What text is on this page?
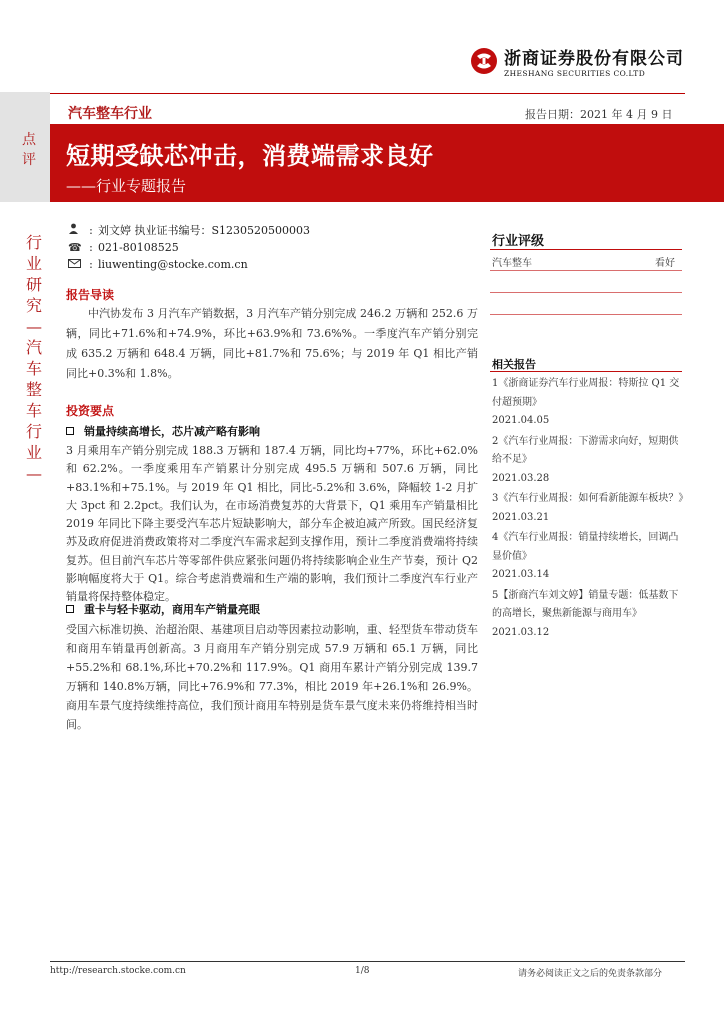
浙商证券股份有限公司
ZHESHANG SECURITIES CO.LTD
汽车整车行业	报告日期：2021 年 4 月 9 日
点评 短期受缺芯冲击，消费端需求良好
——行业专题报告
行业研究—汽车整车行业—
: 刘文婷 执业证书编号：S1230520500003
☎ : 021-80108525
: liuwenting@stocke.com.cn
报告导读
中汽协发布 3 月汽车产销数据，3 月汽车产销分别完成 246.2 万辆和 252.6 万辆，同比+71.6%和+74.9%，环比+63.9%和 73.6%%。一季度汽车产销分别完成 635.2 万辆和 648.4 万辆，同比+81.7%和 75.6%；与 2019 年 Q1 相比产销同比+0.3%和 1.8%。
投资要点
销量持续高增长，芯片减产略有影响
3 月乘用车产销分别完成 188.3 万辆和 187.4 万辆，同比均+77%，环比+62.0%和 62.2%。一季度乘用车产销累计分别完成 495.5 万辆和 507.6 万辆，同比+83.1%和+75.1%。与 2019 年 Q1 相比，同比-5.2%和 3.6%，降幅较 1-2 月扩大 3pct 和 2.2pct。我们认为，在市场消费复苏的大背景下，Q1 乘用车产销量相比 2019 年同比下降主要受汽车芯片短缺影响大，部分车企被迫减产所致。国民经济复苏及政府促进消费政策将对二季度汽车需求起到支撑作用，预计二季度消费端将持续复苏。但目前汽车芯片等零部件供应紧张问题仍将持续影响企业生产节奏，预计 Q2 影响幅度将大于 Q1。综合考虑消费端和生产端的影响，我们预计二季度汽车行业产销量将保持整体稳定。
重卡与轻卡驱动，商用车产销量亮眼
受国六标准切换、治超治限、基建项目启动等因素拉动影响，重、轻型货车带动货车和商用车销量再创新高。3 月商用车产销分别完成 57.9 万辆和 65.1 万辆，同比+55.2%和 68.1%,环比+70.2%和 117.9%。Q1 商用车累计产销分别完成 139.7 万辆和 140.8%万辆，同比+76.9%和 77.3%，相比 2019 年+26.1%和 26.9%。商用车景气度持续维持高位，我们预计商用车特别是货车景气度未来仍将维持相当时间。
行业评级
汽车整车	看好
相关报告
1《浙商证券汽车行业周报：特斯拉 Q1 交付超预期》
2021.04.05
2《汽车行业周报：下游需求向好，短期供给不足》
2021.03.28
3《汽车行业周报：如何看新能源车板块？》
2021.03.21
4《汽车行业周报：销量持续增长，回调凸显价值》
2021.03.14
5【浙商汽车刘文婷】销量专题：低基数下的高增长，聚焦新能源与商用车》
2021.03.12
http://research.stocke.com.cn	1/8	请务必阅读正文之后的免责条款部分
